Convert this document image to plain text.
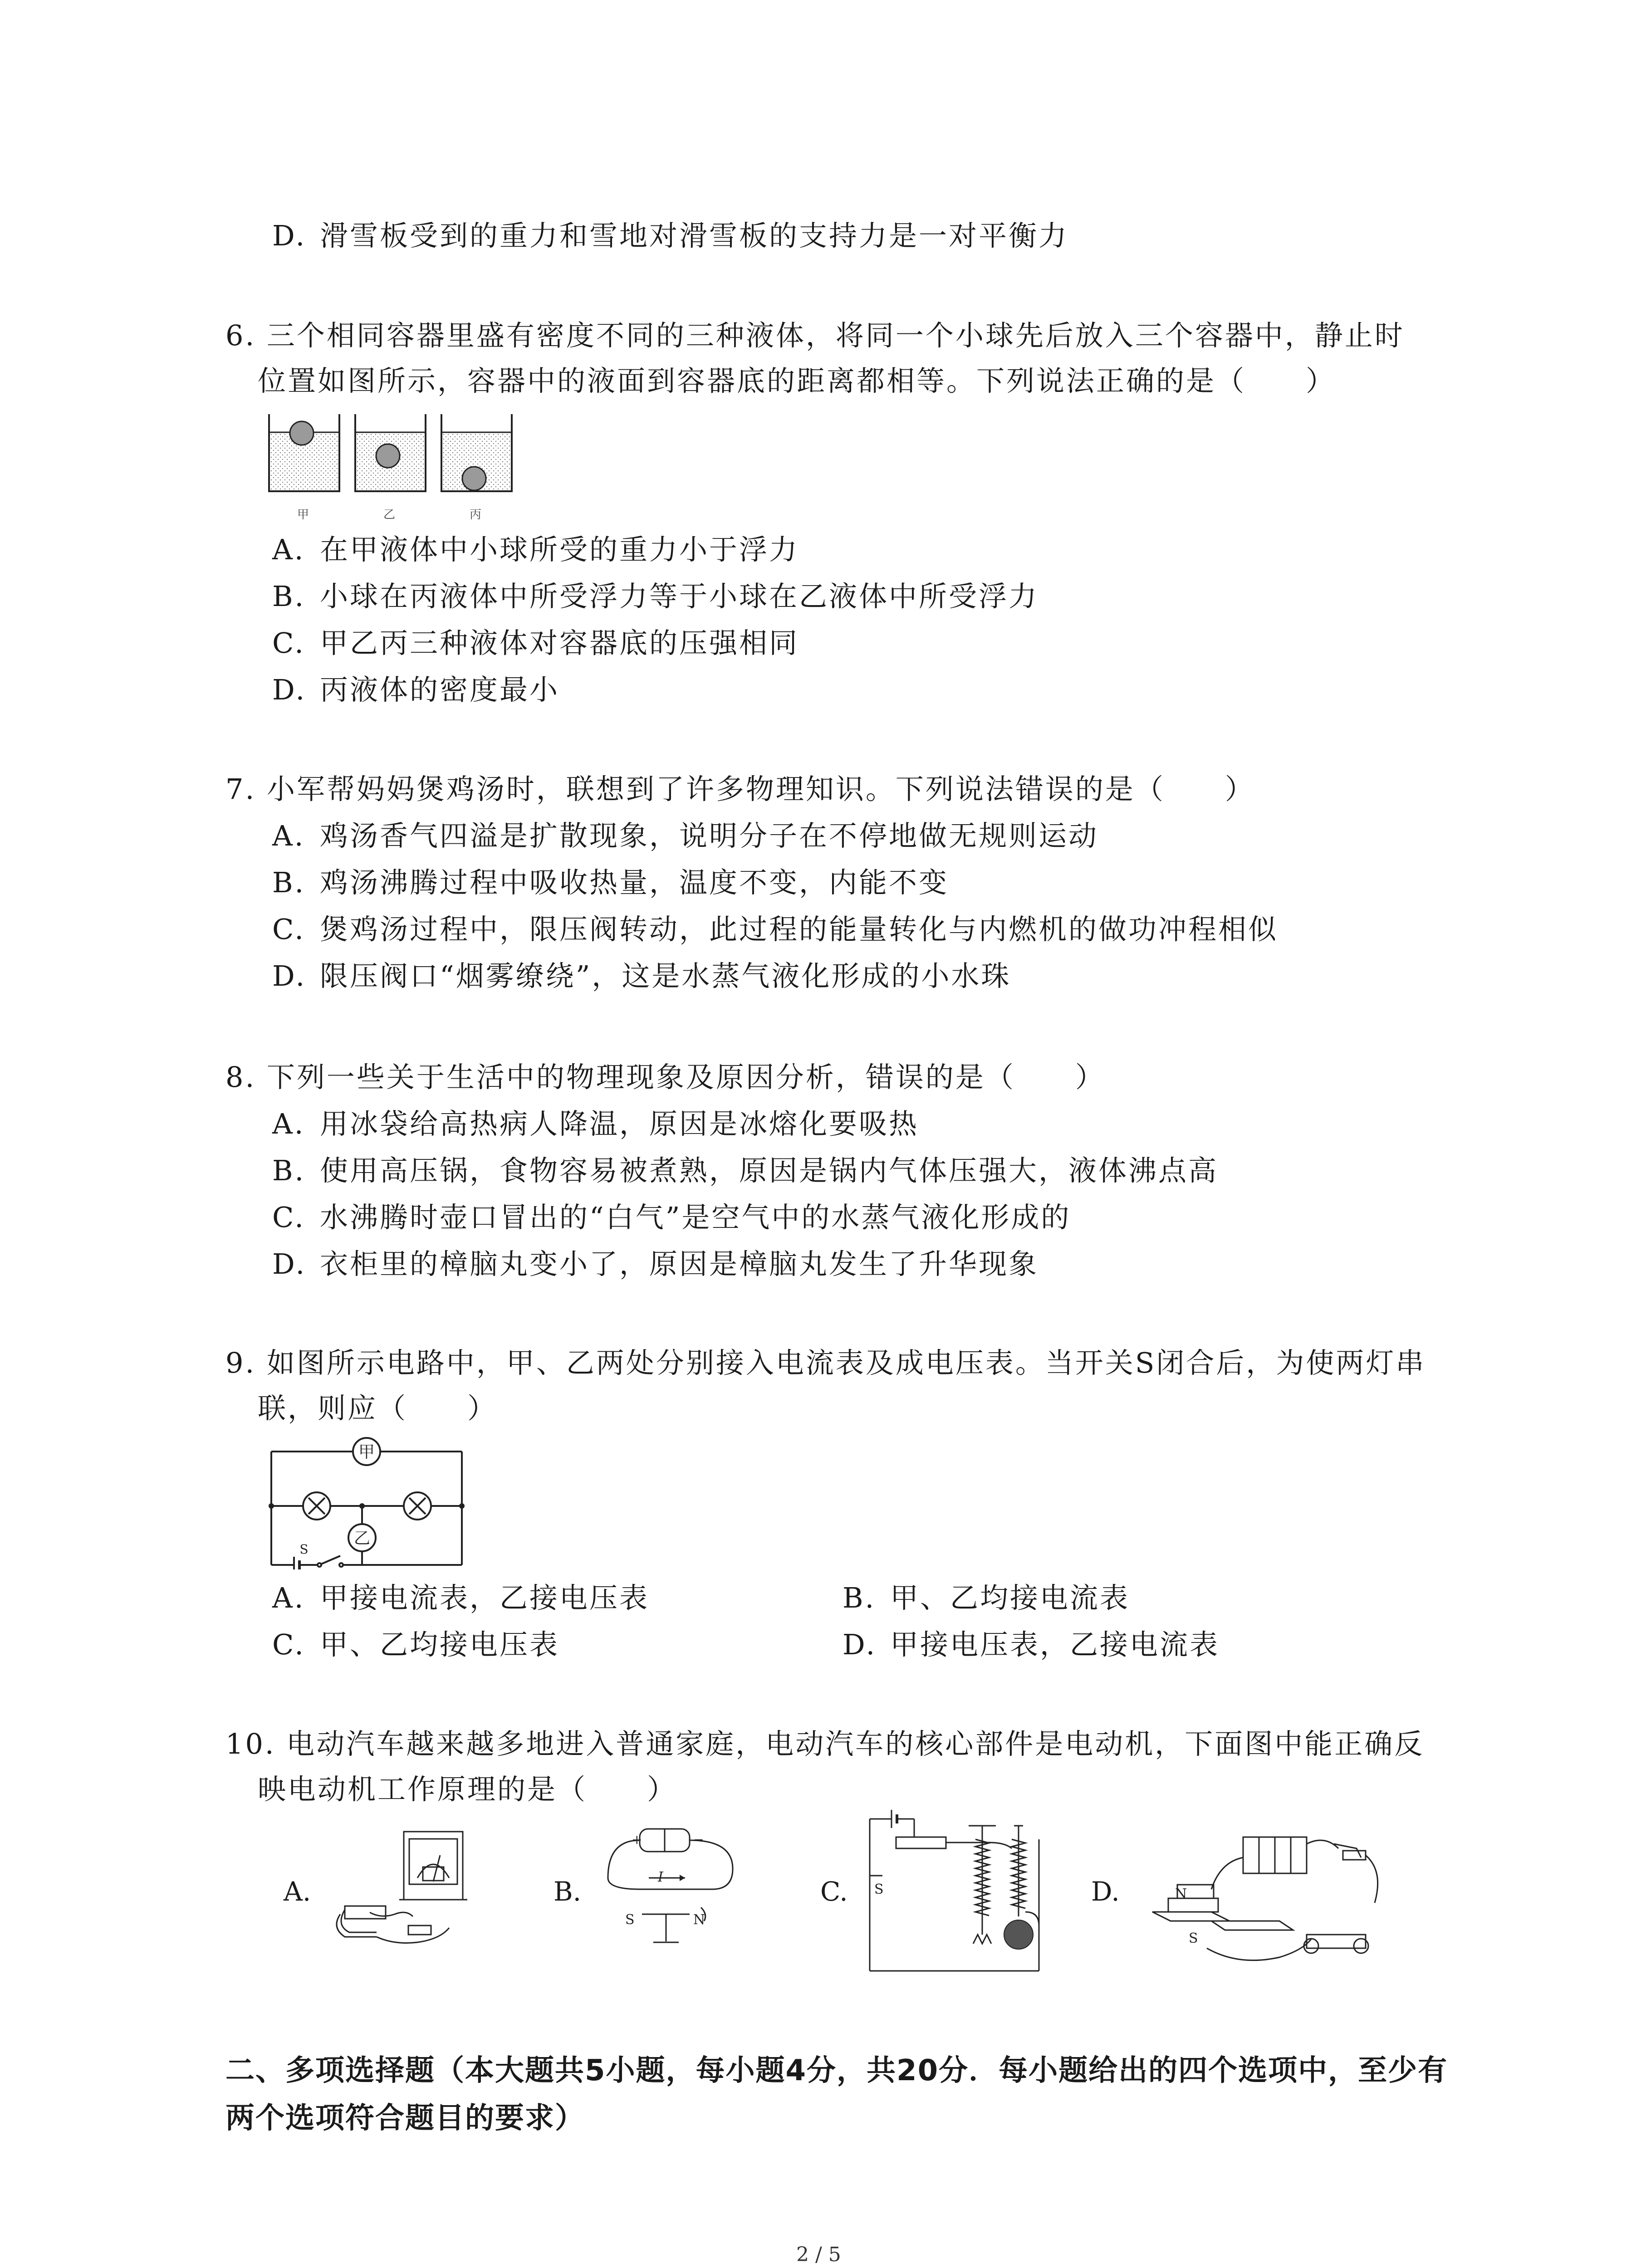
D. 滑雪板受到的重力和雪地对滑雪板的支持力是一对平衡力
6. 三个相同容器里盛有密度不同的三种液体，将同一个小球先后放入三个容器中，静止时
位置如图所示，容器中的液面到容器底的距离都相等。下列说法正确的是（　　）
甲	乙	丙
A. 在甲液体中小球所受的重力小于浮力
B. 小球在丙液体中所受浮力等于小球在乙液体中所受浮力
C. 甲乙丙三种液体对容器底的压强相同
D. 丙液体的密度最小
7. 小军帮妈妈煲鸡汤时，联想到了许多物理知识。下列说法错误的是（　　）
A. 鸡汤香气四溢是扩散现象，说明分子在不停地做无规则运动
B. 鸡汤沸腾过程中吸收热量，温度不变，内能不变
C. 煲鸡汤过程中，限压阀转动，此过程的能量转化与内燃机的做功冲程相似
D. 限压阀口“烟雾缭绕”，这是水蒸气液化形成的小水珠
8. 下列一些关于生活中的物理现象及原因分析，错误的是（　　）
A. 用冰袋给高热病人降温，原因是冰熔化要吸热
B. 使用高压锅，食物容易被煮熟，原因是锅内气体压强大，液体沸点高
C. 水沸腾时壶口冒出的“白气”是空气中的水蒸气液化形成的
D. 衣柜里的樟脑丸变小了，原因是樟脑丸发生了升华现象
9. 如图所示电路中，甲、乙两处分别接入电流表及成电压表。当开关S闭合后，为使两灯串
联，则应（　　）
甲
乙
S
A. 甲接电流表，乙接电压表	B. 甲、乙均接电流表
C. 甲、乙均接电压表	D. 甲接电压表，乙接电流表
10. 电动汽车越来越多地进入普通家庭，电动汽车的核心部件是电动机，下面图中能正确反
映电动机工作原理的是（　　）
A.	B.	C.	D.
+	−
I
S	N
S	N
S
二、多项选择题（本大题共5小题，每小题4分，共20分．每小题给出的四个选项中，至少有
两个选项符合题目的要求）
2 / 5
